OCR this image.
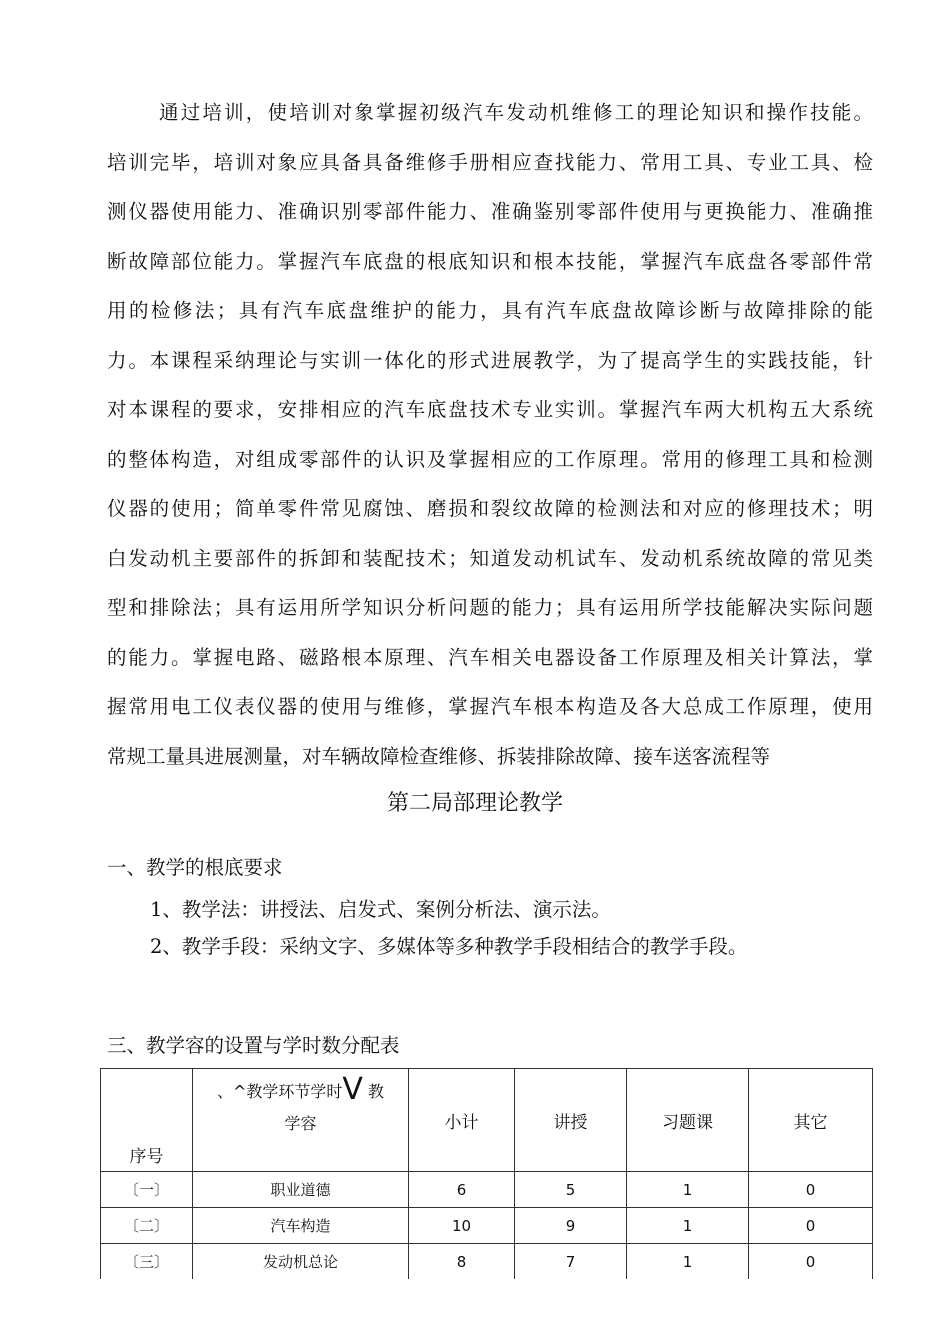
通过培训，使培训对象掌握初级汽车发动机维修工的理论知识和操作技能。
培训完毕，培训对象应具备具备维修手册相应查找能力、常用工具、专业工具、检
测仪器使用能力、准确识别零部件能力、准确鉴别零部件使用与更换能力、准确推
断故障部位能力。掌握汽车底盘的根底知识和根本技能，掌握汽车底盘各零部件常
用的检修法；具有汽车底盘维护的能力，具有汽车底盘故障诊断与故障排除的能
力。本课程采纳理论与实训一体化的形式进展教学，为了提高学生的实践技能，针
对本课程的要求，安排相应的汽车底盘技术专业实训。掌握汽车两大机构五大系统
的整体构造，对组成零部件的认识及掌握相应的工作原理。常用的修理工具和检测
仪器的使用；简单零件常见腐蚀、磨损和裂纹故障的检测法和对应的修理技术；明
白发动机主要部件的拆卸和装配技术；知道发动机试车、发动机系统故障的常见类
型和排除法；具有运用所学知识分析问题的能力；具有运用所学技能解决实际问题
的能力。掌握电路、磁路根本原理、汽车相关电器设备工作原理及相关计算法，掌
握常用电工仪表仪器的使用与维修，掌握汽车根本构造及各大总成工作原理，使用
常规工量具进展测量，对车辆故障检查维修、拆装排除故障、接车送客流程等
第二局部理论教学
一、教学的根底要求

1、教学法：讲授法、启发式、案例分析法、演示法。

2、教学手段：采纳文字、多媒体等多种教学手段相结合的教学手段。

三、教学容的设置与学时数分配表
序号	、^教学环节学时V 教
学容	小计	讲授	习题课	其它
〔一〕	职业道德	6	5	1	0
〔二〕	汽车构造	10	9	1	0
〔三〕	发动机总论	8	7	1	0
